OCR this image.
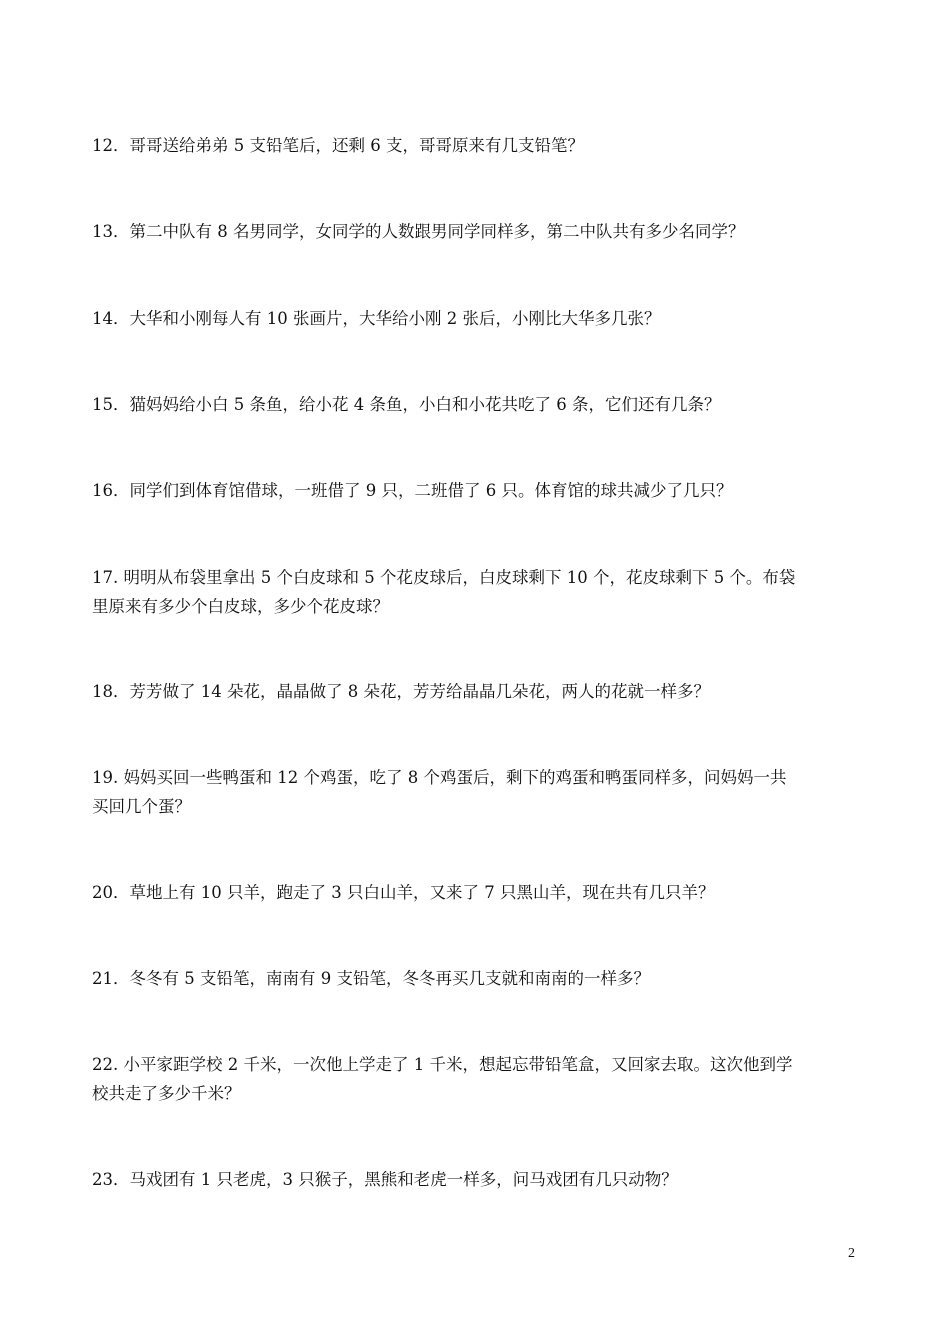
12．哥哥送给弟弟 5 支铅笔后，还剩 6 支，哥哥原来有几支铅笔？
13．第二中队有 8 名男同学，女同学的人数跟男同学同样多，第二中队共有多少名同学？
14．大华和小刚每人有 10 张画片，大华给小刚 2 张后，小刚比大华多几张？
15．猫妈妈给小白 5 条鱼，给小花 4 条鱼，小白和小花共吃了 6 条，它们还有几条？
16．同学们到体育馆借球，一班借了 9 只，二班借了 6 只。体育馆的球共减少了几只？
17. 明明从布袋里拿出 5 个白皮球和 5 个花皮球后，白皮球剩下 10 个，花皮球剩下 5 个。布袋
里原来有多少个白皮球，多少个花皮球？
18．芳芳做了 14 朵花，晶晶做了 8 朵花，芳芳给晶晶几朵花，两人的花就一样多？
19. 妈妈买回一些鸭蛋和 12 个鸡蛋，吃了 8 个鸡蛋后，剩下的鸡蛋和鸭蛋同样多，问妈妈一共
买回几个蛋？
20．草地上有 10 只羊，跑走了 3 只白山羊，又来了 7 只黑山羊，现在共有几只羊？
21．冬冬有 5 支铅笔，南南有 9 支铅笔，冬冬再买几支就和南南的一样多？
22. 小平家距学校 2 千米，一次他上学走了 1 千米，想起忘带铅笔盒，又回家去取。这次他到学
校共走了多少千米？
23．马戏团有 1 只老虎，3 只猴子，黑熊和老虎一样多，问马戏团有几只动物？
2
